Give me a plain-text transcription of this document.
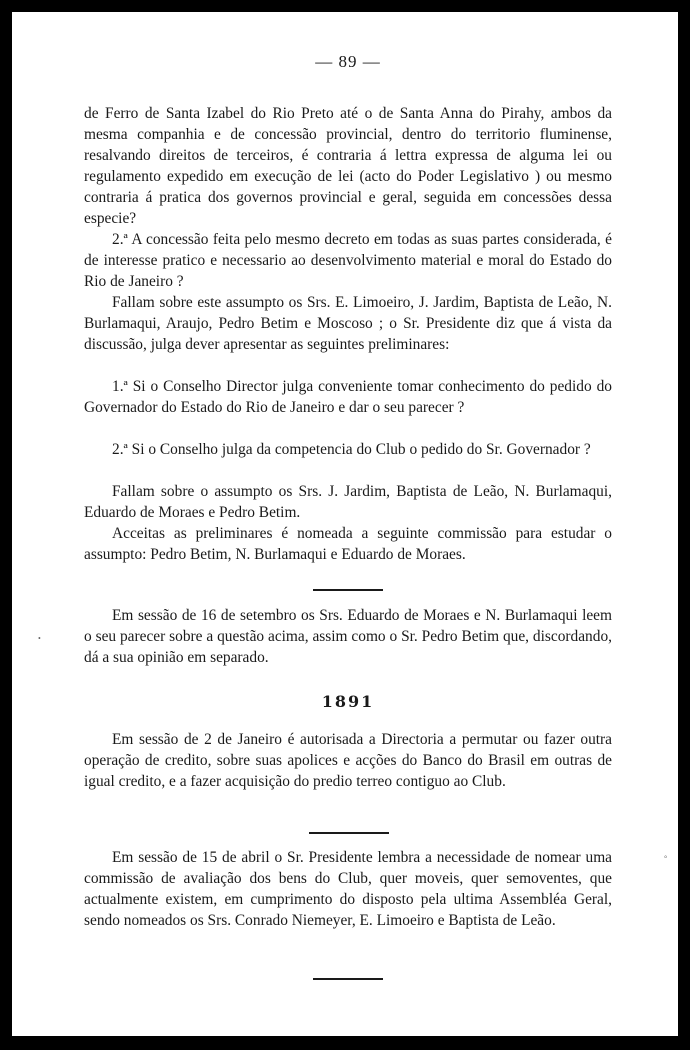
— 89 —

de Ferro de Santa Izabel do Rio Preto até o de Santa Anna do Pirahy, ambos da mesma companhia e de concessão provincial, dentro do territorio fluminense, resalvando direitos de terceiros, é contraria á lettra expressa de alguma lei ou regulamento expedido em execução de lei (acto do Poder Legislativo ) ou mesmo contraria á pratica dos governos provincial e geral, seguida em concessões dessa especie?

2.ª A concessão feita pelo mesmo decreto em todas as suas partes considerada, é de interesse pratico e necessario ao desenvolvimento material e moral do Estado do Rio de Janeiro ?

Fallam sobre este assumpto os Srs. E. Limoeiro, J. Jardim, Baptista de Leão, N. Burlamaqui, Araujo, Pedro Betim e Moscoso ; o Sr. Presidente diz que á vista da discussão, julga dever apresentar as seguintes preliminares:

1.ª Si o Conselho Director julga conveniente tomar conhecimento do pedido do Governador do Estado do Rio de Janeiro e dar o seu parecer ?

2.ª Si o Conselho julga da competencia do Club o pedido do Sr. Governador ?

Fallam sobre o assumpto os Srs. J. Jardim, Baptista de Leão, N. Burlamaqui, Eduardo de Moraes e Pedro Betim.

Acceitas as preliminares é nomeada a seguinte commissão para estudar o assumpto: Pedro Betim, N. Burlamaqui e Eduardo de Moraes.

Em sessão de 16 de setembro os Srs. Eduardo de Moraes e N. Burlamaqui leem o seu parecer sobre a questão acima, assim como o Sr. Pedro Betim que, discordando, dá a sua opinião em separado.

1891

Em sessão de 2 de Janeiro é autorisada a Directoria a permutar ou fazer outra operação de credito, sobre suas apolices e acções do Banco do Brasil em outras de igual credito, e a fazer acquisição do predio terreo contiguo ao Club.

Em sessão de 15 de abril o Sr. Presidente lembra a necessidade de nomear uma commissão de avaliação dos bens do Club, quer moveis, quer semoventes, que actualmente existem, em cumprimento do disposto pela ultima Assembléa Geral, sendo nomeados os Srs. Conrado Niemeyer, E. Limoeiro e Baptista de Leão.

•
°
